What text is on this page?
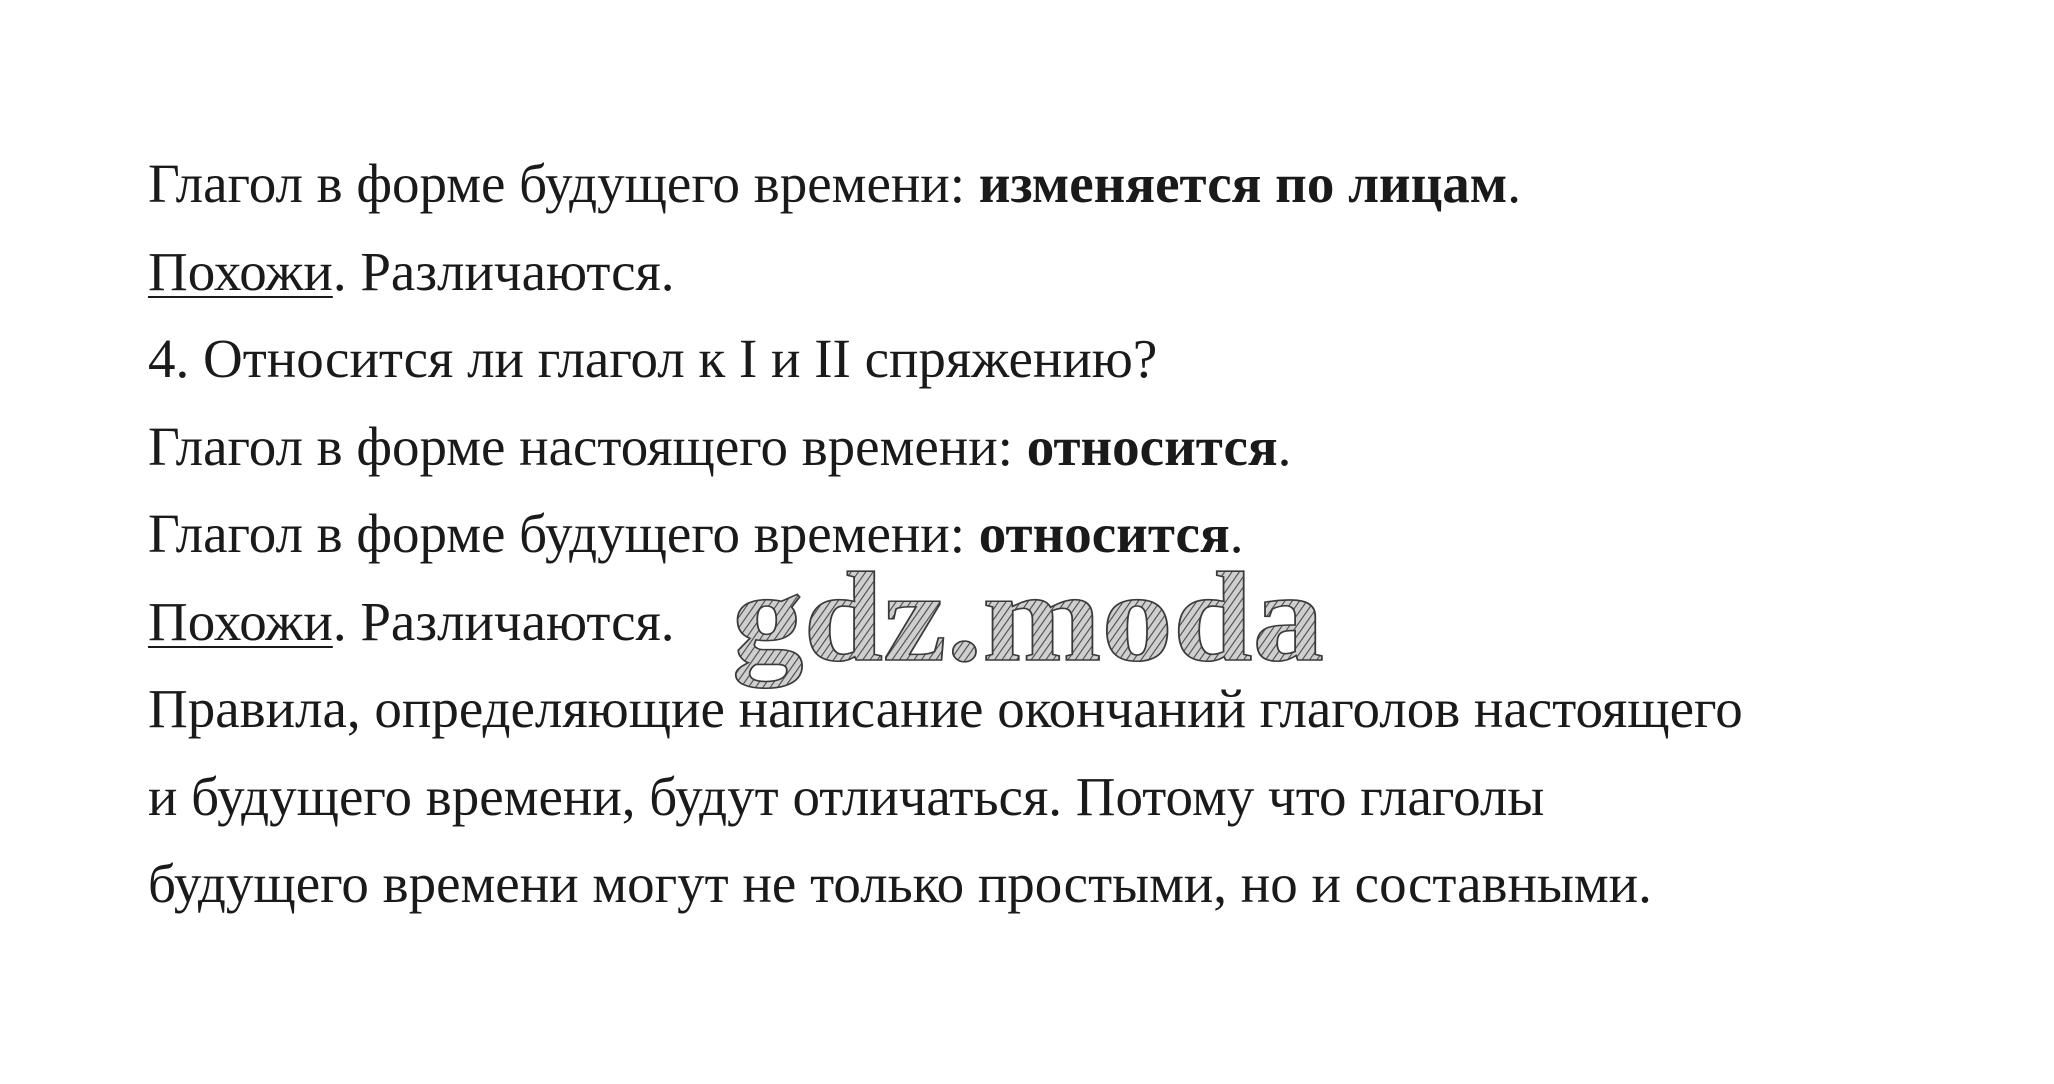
Глагол в форме будущего времени: изменяется по лицам.
Похожи. Различаются.
4. Относится ли глагол к I и II спряжению?
Глагол в форме настоящего времени: относится.
Глагол в форме будущего времени: относится.
Похожи. Различаются.
Правила, определяющие написание окончаний глаголов настоящего
и будущего времени, будут отличаться. Потому что глаголы
будущего времени могут не только простыми, но и составными.
gdz.moda
